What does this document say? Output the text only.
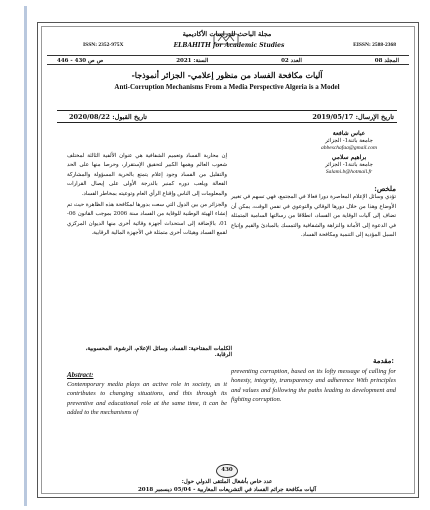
مجلة الباحث للدراسات الأكاديمية
ISSN: 2352-975X	ELBAHITH for Academic Studies	EISSN: 2588-2368
المجلد 08
العدد 02
السنة: 2021
ص ص 430 - 446
آليات مكافحة الفساد من منظور إعلامي- الجزائر أنموذجا-
Anti-Corruption Mechanisms From a Media Perspective Algeria is a Model
تاريخ الإرسال: 2019/05/17
تاريخ القبول: 2020/08/22
عباس شافعة
جامعة باتنة1- الجزائر
abbeschafaa@gmail.com
براهيم سلامي
جامعة باتنة1- الجزائر
Salami.b@hotmail.fr
ملخص:
تؤدي وسائل الإعلام المعاصرة دورا فعالا في المجتمع، فهي تسهم في تغيير الأوضاع وهذا من خلال دورها الوقائي والتوعوي في نفس الوقت، يمكن أن تضاف إلى آليات الوقاية من الفساد، انطلاقا من رسالتها السامية المتمثلة في الدعوة إلى الأمانة والنزاهة والشفافية والتمسك بالمبادئ والقيم وإتباع السبل المؤدية إلى التنمية ومكافحة الفساد.

إن محاربة الفساد وتعميم الشفافية هي عنوان الألفية الثالثة لمختلف شعوب العالم وهمها الكبير لتحقيق الإستقرار، وحرصا منها على الحد والتقليل من الفساد وجود إعلام يتمتع بالحرية المسؤولة والمشاركة الفعالة ويلعب دوره كمنبر بالدرجة الأولى على إيصال القرارات والمعلومات إلى الناس وإقناع الرأي العام وتوعيته بمخاطر الفساد.

والجزائر من بين الدول التي سعت بدورها لمكافحة هذه الظاهرة حيث تم إنشاء الهيئة الوطنية للوقاية من الفساد سنة 2006 بموجب القانون 06-01، بالإضافة إلى استحداث أجهزة وقائية أخرى منها الديوان المركزي لقمع الفساد وهيئات أخرى متمثلة في الأجهزة المالية الرقابية.

الكلمات المفتاحية: الفساد، وسائل الإعلام، الرشوة، المحسوبية، الرقابة.
مقدمة:
Abstract:
Contemporary media plays an active role in society, as it contributes to changing situations, and this through its preventive and educational role at the same time, it can be added to the mechanisms of
preventing corruption, based on its lofty message of calling for honesty, integrity, transparency and adherence With principles and values and following the paths leading to development and fighting corruption.
430
عدد خاص بأشغال الملتقى الدولي حول:
آليات مكافحة جرائم الفساد في التشريعات المغاربية - 05/04 ديسمبر 2018
